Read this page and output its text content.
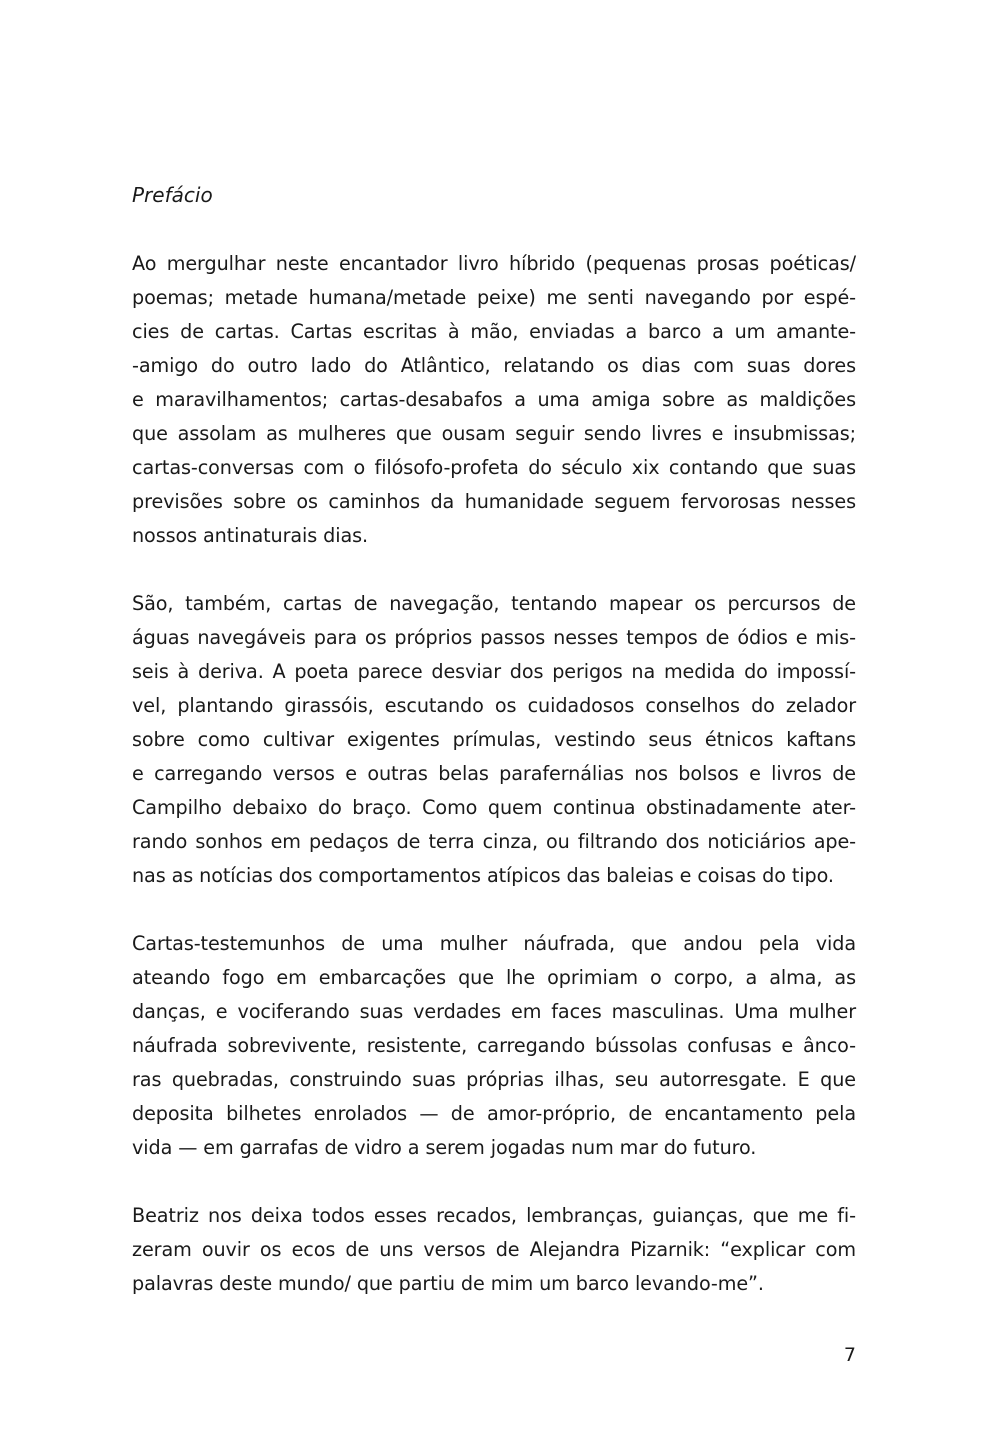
Prefácio

Ao mergulhar neste encantador livro híbrido (pequenas prosas poéticas/
poemas; metade humana/metade peixe) me senti navegando por espé-
cies de cartas. Cartas escritas à mão, enviadas a barco a um amante-
-amigo do outro lado do Atlântico, relatando os dias com suas dores
e maravilhamentos; cartas-desabafos a uma amiga sobre as maldições
que assolam as mulheres que ousam seguir sendo livres e insubmissas;
cartas-conversas com o filósofo-profeta do século xix contando que suas
previsões sobre os caminhos da humanidade seguem fervorosas nesses
nossos antinaturais dias.

São, também, cartas de navegação, tentando mapear os percursos de
águas navegáveis para os próprios passos nesses tempos de ódios e mis-
seis à deriva. A poeta parece desviar dos perigos na medida do impossí-
vel, plantando girassóis, escutando os cuidadosos conselhos do zelador
sobre como cultivar exigentes prímulas, vestindo seus étnicos kaftans
e carregando versos e outras belas parafernálias nos bolsos e livros de
Campilho debaixo do braço. Como quem continua obstinadamente ater-
rando sonhos em pedaços de terra cinza, ou filtrando dos noticiários ape-
nas as notícias dos comportamentos atípicos das baleias e coisas do tipo.

Cartas-testemunhos de uma mulher náufrada, que andou pela vida
ateando fogo em embarcações que lhe oprimiam o corpo, a alma, as
danças, e vociferando suas verdades em faces masculinas. Uma mulher
náufrada sobrevivente, resistente, carregando bússolas confusas e ânco-
ras quebradas, construindo suas próprias ilhas, seu autorresgate. E que
deposita bilhetes enrolados — de amor-próprio, de encantamento pela
vida — em garrafas de vidro a serem jogadas num mar do futuro.

Beatriz nos deixa todos esses recados, lembranças, guianças, que me fi-
zeram ouvir os ecos de uns versos de Alejandra Pizarnik: “explicar com
palavras deste mundo/ que partiu de mim um barco levando-me”.

7
